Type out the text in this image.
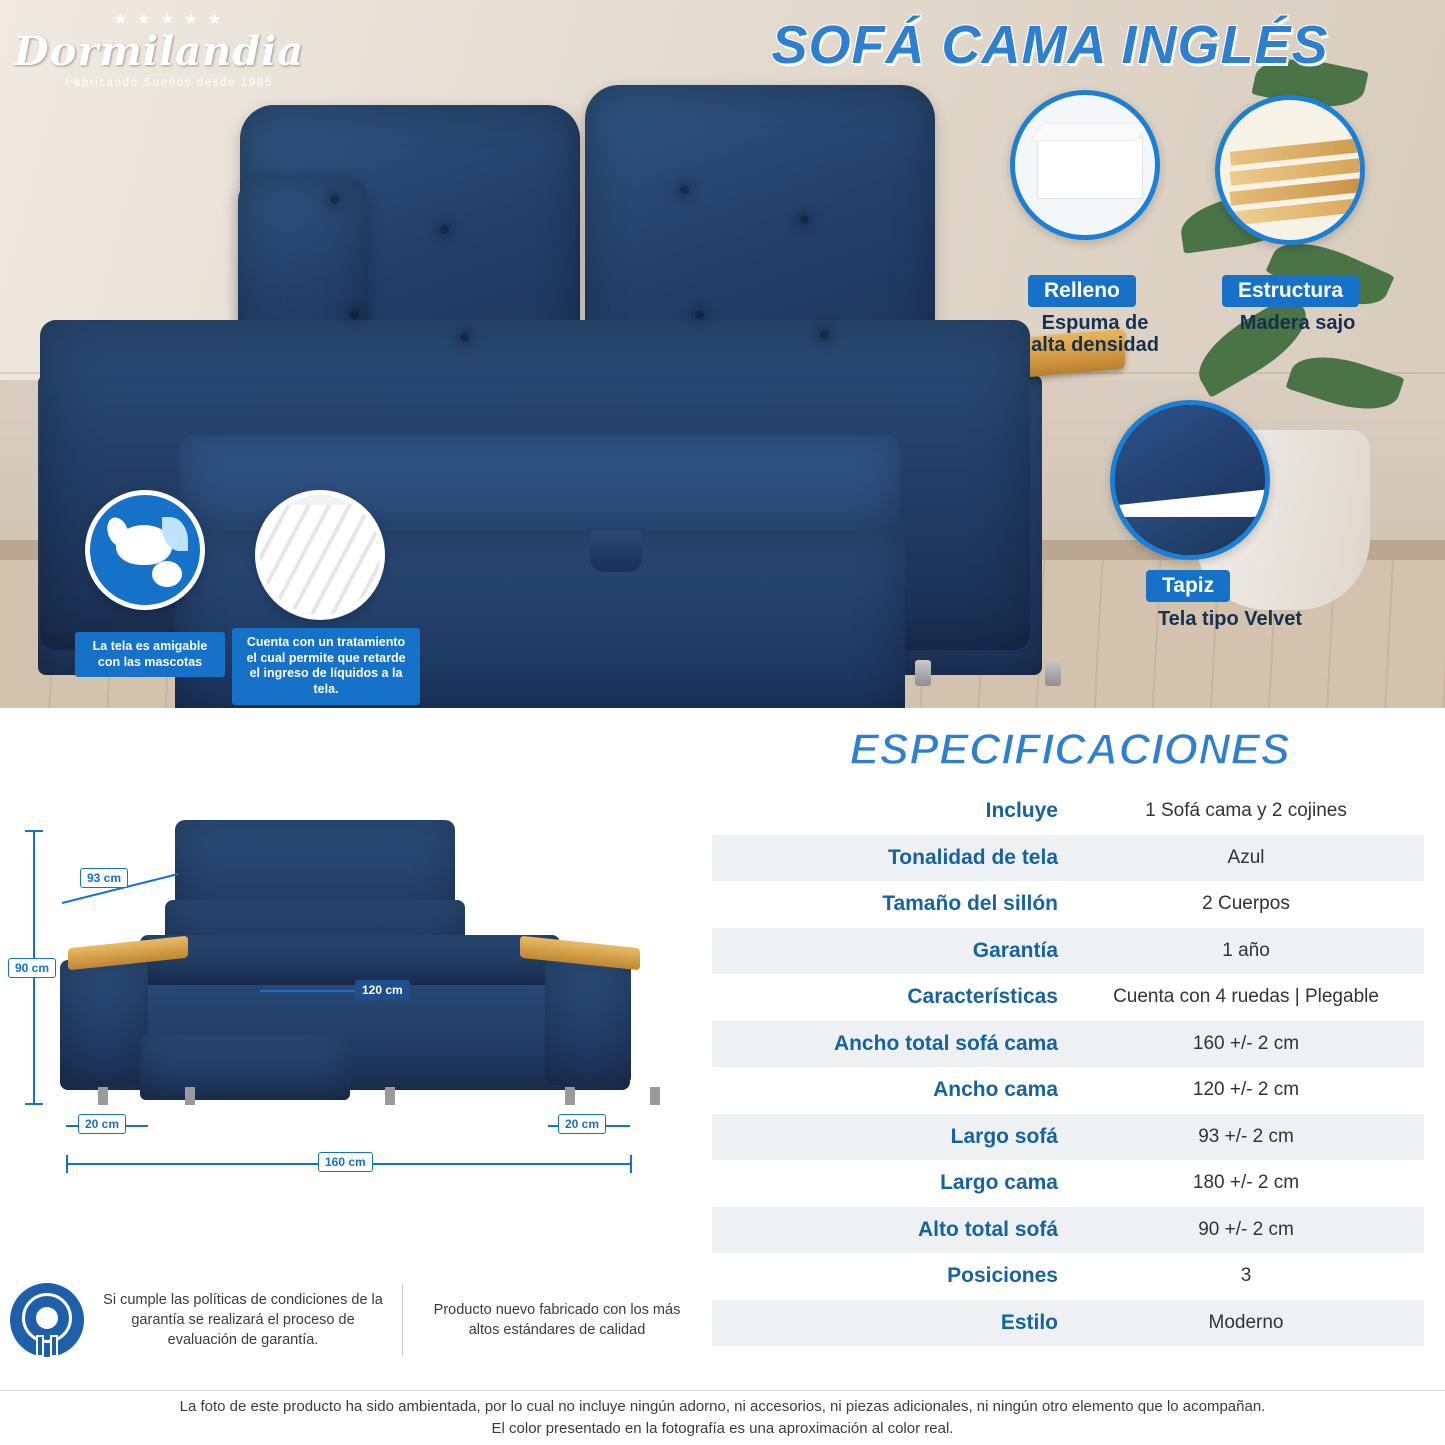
★ ★ ★ ★ ★
Dormilandia
Fabricando Sueños desde 1985
SOFÁ CAMA INGLÉS
Relleno
Espuma de
alta densidad
Estructura
Madera sajo
Tapiz
Tela tipo Velvet
La tela es amigable con las mascotas
Cuenta con un tratamiento el cual permite que retarde el ingreso de líquidos a la tela.
ESPECIFICACIONES
Incluye	1 Sofá cama y 2 cojines
Tonalidad de tela	Azul
Tamaño del sillón	2 Cuerpos
Garantía	1 año
Características	Cuenta con 4 ruedas | Plegable
Ancho total sofá cama	160 +/- 2 cm
Ancho cama	120 +/- 2 cm
Largo sofá	93 +/- 2 cm
Largo cama	180 +/- 2 cm
Alto total sofá	90 +/- 2 cm
Posiciones	3
Estilo	Moderno
90 cm
93 cm
120 cm
20 cm	20 cm
160 cm
Si cumple las políticas de condiciones de la garantía se realizará el proceso de evaluación de garantía.
Producto nuevo fabricado con los más altos estándares de calidad
La foto de este producto ha sido ambientada, por lo cual no incluye ningún adorno, ni accesorios, ni piezas adicionales, ni ningún otro elemento que lo acompañan.
El color presentado en la fotografía es una aproximación al color real.
